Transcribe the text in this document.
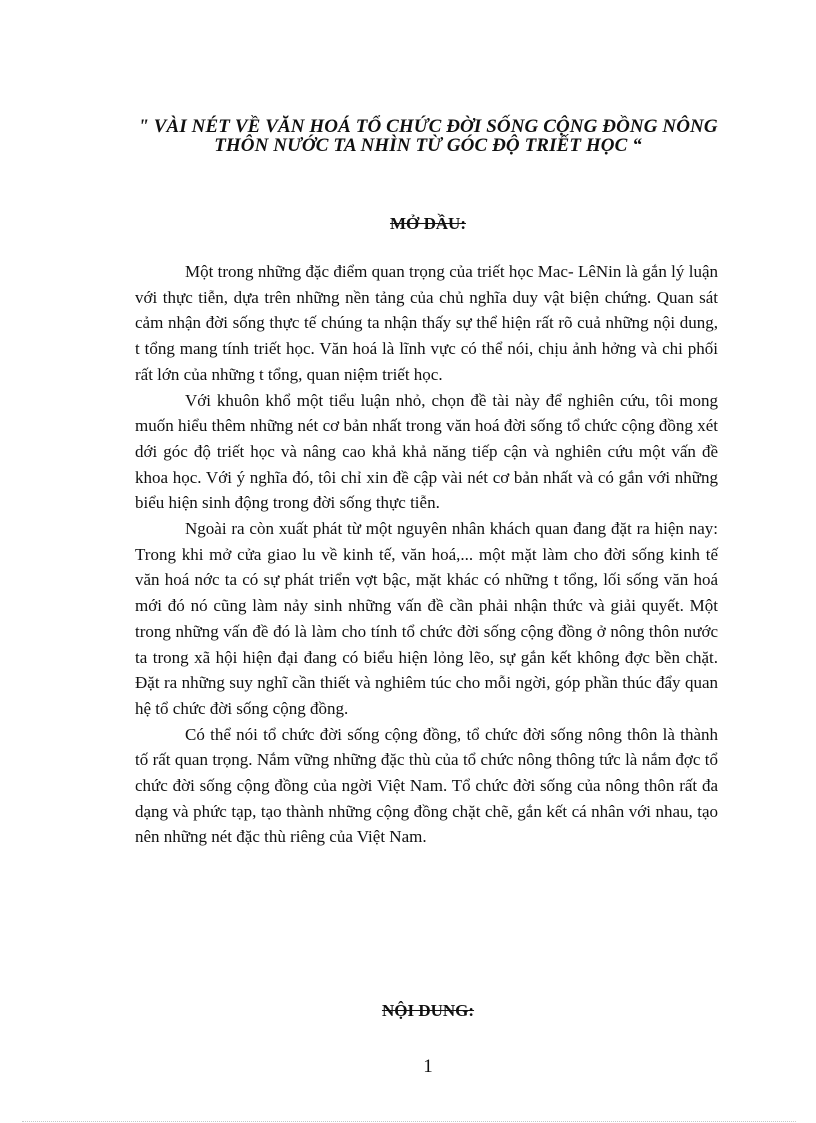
" VÀI NÉT VỀ VĂN HOÁ TỔ CHỨC ĐỜI SỐNG CỘNG ĐỒNG NÔNG
THÔN NƯỚC TA NHÌN TỪ GÓC ĐỘ TRIẾT HỌC “
MỞ ĐẦU:

Một trong những đặc điểm quan trọng của triết học Mac- LêNin là gắn lý luận với thực tiễn, dựa trên những nền tảng của chủ nghĩa duy vật biện chứng. Quan sát cảm nhận đời sống thực tế chúng ta nhận thấy sự thể hiện rất rõ cuả những nội dung, t tổng mang tính triết học. Văn hoá là lĩnh vực có thể nói, chịu ảnh hởng và chi phối rất lớn của những t tổng, quan niệm triết học.

Với khuôn khổ một tiểu luận nhỏ, chọn đề tài này để nghiên cứu, tôi mong muốn hiểu thêm những nét cơ bản nhất trong văn hoá đời sống tổ chức cộng đồng xét dới góc độ triết học và nâng cao khả khả năng tiếp cận và nghiên cứu một vấn đề khoa học. Với ý nghĩa đó, tôi chỉ xin đề cập vài nét cơ bản nhất và có gắn với những biểu hiện sinh động trong đời sống thực tiễn.

Ngoài ra còn xuất phát từ một nguyên nhân khách quan đang đặt ra hiện nay: Trong khi mở cửa giao lu về kinh tế, văn hoá,... một mặt làm cho đời sống kinh tế văn hoá nớc ta có sự phát triển vợt bậc, mặt khác có những t tổng, lối sống văn hoá mới đó nó cũng làm nảy sinh những vấn đề cần phải nhận thức và giải quyết. Một trong những vấn đề đó là làm cho tính tổ chức đời sống cộng đồng ở nông thôn nước ta trong xã hội hiện đại đang có biểu hiện lỏng lẽo, sự gắn kết không đợc bền chặt. Đặt ra những suy nghĩ cần thiết và nghiêm túc cho mỗi ngời, góp phần thúc đẩy quan hệ tổ chức đời sống cộng đồng.

Có thể nói tổ chức đời sống cộng đồng, tổ chức đời sống nông thôn là thành tố rất quan trọng. Nắm vững những đặc thù của tổ chức nông thông tức là nắm đợc tổ chức đời sống cộng đồng của ngời Việt Nam. Tổ chức đời sống của nông thôn rất đa dạng và phức tạp, tạo thành những cộng đồng chặt chẽ, gắn kết cá nhân với nhau, tạo nên những nét đặc thù riêng của Việt Nam.

NỘI DUNG:
1
